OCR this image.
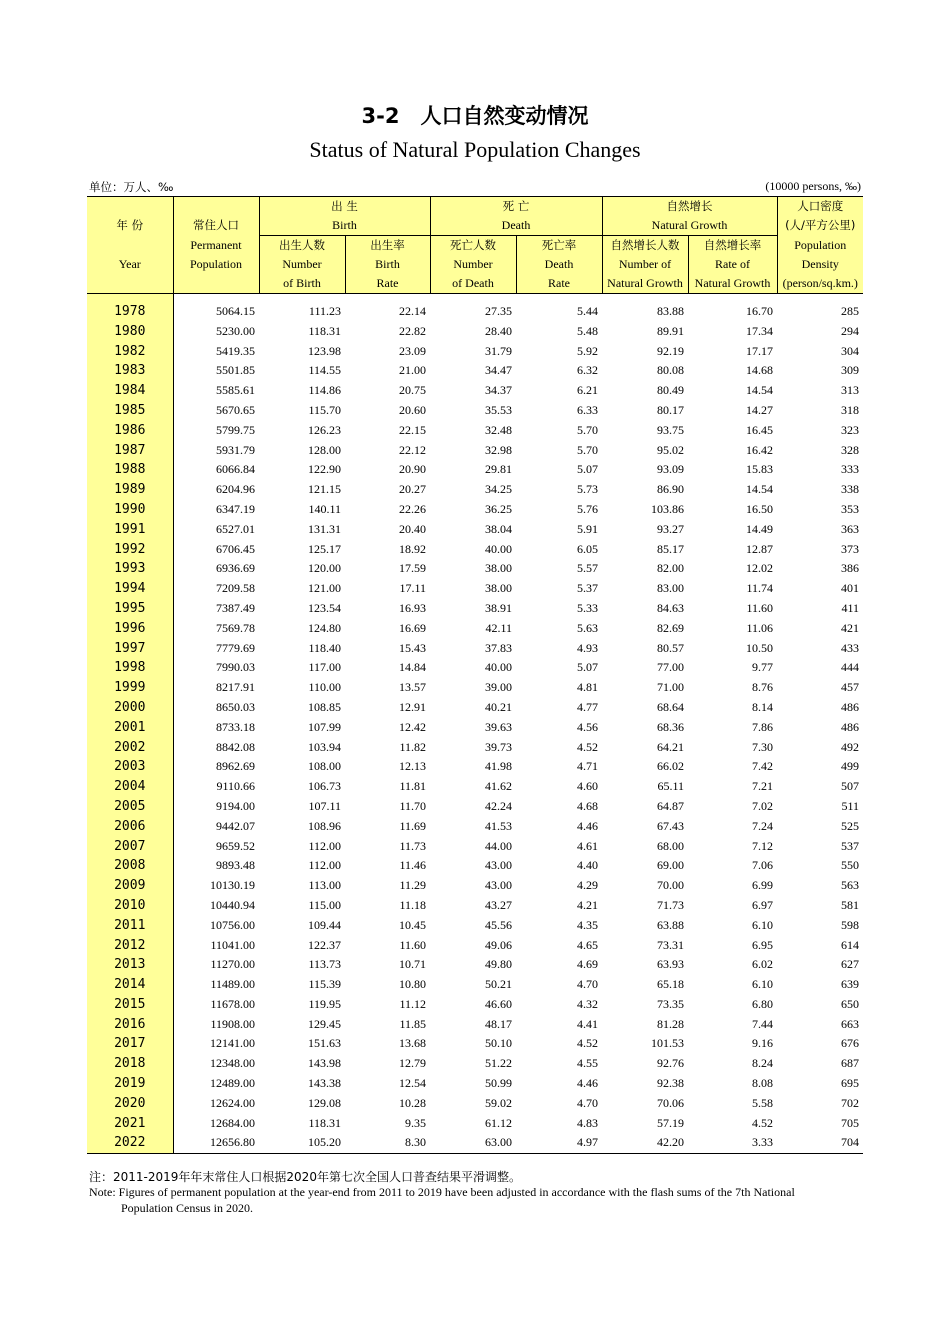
3-2　人口自然变动情况
Status of Natural Population Changes
单位：万人、‰	(10000 persons, ‰)
		出 生		死 亡		自然增长		人口密度
年 份	常住人口	Birth		Death		Natural Growth		(人/平方公里)
	Permanent	出生人数	出生率	死亡人数	死亡率	自然增长人数	自然增长率	Population
Year	Population	Number	Birth	Number	Death	Number of	Rate of	Density
		of Birth	Rate	of Death	Rate	Natural Growth	Natural Growth	(person/sq.km.)

1978	5064.15	111.23	22.14	27.35	5.44	83.88	16.70	285
1980	5230.00	118.31	22.82	28.40	5.48	89.91	17.34	294
1982	5419.35	123.98	23.09	31.79	5.92	92.19	17.17	304
1983	5501.85	114.55	21.00	34.47	6.32	80.08	14.68	309
1984	5585.61	114.86	20.75	34.37	6.21	80.49	14.54	313
1985	5670.65	115.70	20.60	35.53	6.33	80.17	14.27	318
1986	5799.75	126.23	22.15	32.48	5.70	93.75	16.45	323
1987	5931.79	128.00	22.12	32.98	5.70	95.02	16.42	328
1988	6066.84	122.90	20.90	29.81	5.07	93.09	15.83	333
1989	6204.96	121.15	20.27	34.25	5.73	86.90	14.54	338
1990	6347.19	140.11	22.26	36.25	5.76	103.86	16.50	353
1991	6527.01	131.31	20.40	38.04	5.91	93.27	14.49	363
1992	6706.45	125.17	18.92	40.00	6.05	85.17	12.87	373
1993	6936.69	120.00	17.59	38.00	5.57	82.00	12.02	386
1994	7209.58	121.00	17.11	38.00	5.37	83.00	11.74	401
1995	7387.49	123.54	16.93	38.91	5.33	84.63	11.60	411
1996	7569.78	124.80	16.69	42.11	5.63	82.69	11.06	421
1997	7779.69	118.40	15.43	37.83	4.93	80.57	10.50	433
1998	7990.03	117.00	14.84	40.00	5.07	77.00	9.77	444
1999	8217.91	110.00	13.57	39.00	4.81	71.00	8.76	457
2000	8650.03	108.85	12.91	40.21	4.77	68.64	8.14	486
2001	8733.18	107.99	12.42	39.63	4.56	68.36	7.86	486
2002	8842.08	103.94	11.82	39.73	4.52	64.21	7.30	492
2003	8962.69	108.00	12.13	41.98	4.71	66.02	7.42	499
2004	9110.66	106.73	11.81	41.62	4.60	65.11	7.21	507
2005	9194.00	107.11	11.70	42.24	4.68	64.87	7.02	511
2006	9442.07	108.96	11.69	41.53	4.46	67.43	7.24	525
2007	9659.52	112.00	11.73	44.00	4.61	68.00	7.12	537
2008	9893.48	112.00	11.46	43.00	4.40	69.00	7.06	550
2009	10130.19	113.00	11.29	43.00	4.29	70.00	6.99	563
2010	10440.94	115.00	11.18	43.27	4.21	71.73	6.97	581
2011	10756.00	109.44	10.45	45.56	4.35	63.88	6.10	598
2012	11041.00	122.37	11.60	49.06	4.65	73.31	6.95	614
2013	11270.00	113.73	10.71	49.80	4.69	63.93	6.02	627
2014	11489.00	115.39	10.80	50.21	4.70	65.18	6.10	639
2015	11678.00	119.95	11.12	46.60	4.32	73.35	6.80	650
2016	11908.00	129.45	11.85	48.17	4.41	81.28	7.44	663
2017	12141.00	151.63	13.68	50.10	4.52	101.53	9.16	676
2018	12348.00	143.98	12.79	51.22	4.55	92.76	8.24	687
2019	12489.00	143.38	12.54	50.99	4.46	92.38	8.08	695
2020	12624.00	129.08	10.28	59.02	4.70	70.06	5.58	702
2021	12684.00	118.31	9.35	61.12	4.83	57.19	4.52	705
2022	12656.80	105.20	8.30	63.00	4.97	42.20	3.33	704
注：2011-2019年年末常住人口根据2020年第七次全国人口普查结果平滑调整。
Note: Figures of permanent population at the year-end from 2011 to 2019 have been adjusted in accordance with the flash sums of the 7th National
Population Census in 2020.
